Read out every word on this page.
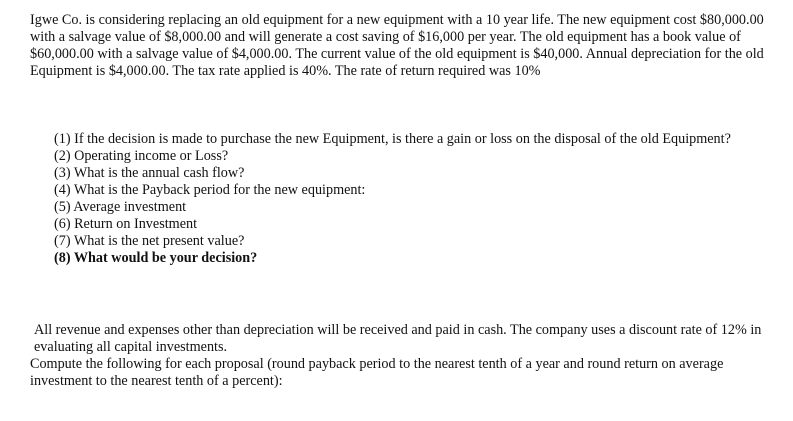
Igwe Co. is considering replacing an old equipment for a new equipment with a 10 year life. The new equipment cost $80,000.00 with a salvage value of $8,000.00 and will generate a cost saving of $16,000 per year. The old equipment has a book value of $60,000.00 with a salvage value of $4,000.00. The current value of the old equipment is $40,000. Annual depreciation for the old Equipment is $4,000.00. The tax rate applied is 40%. The rate of return required was 10%

(1) If the decision is made to purchase the new Equipment, is there a gain or loss on the disposal of the old Equipment?
(2) Operating income or Loss?
(3) What is the annual cash flow?
(4) What is the Payback period for the new equipment:
(5) Average investment
(6) Return on Investment
(7) What is the net present value?
(8) What would be your decision?
All revenue and expenses other than depreciation will be received and paid in cash. The company uses a discount rate of 12% in evaluating all capital investments.
Compute the following for each proposal (round payback period to the nearest tenth of a year and round return on average investment to the nearest tenth of a percent):
